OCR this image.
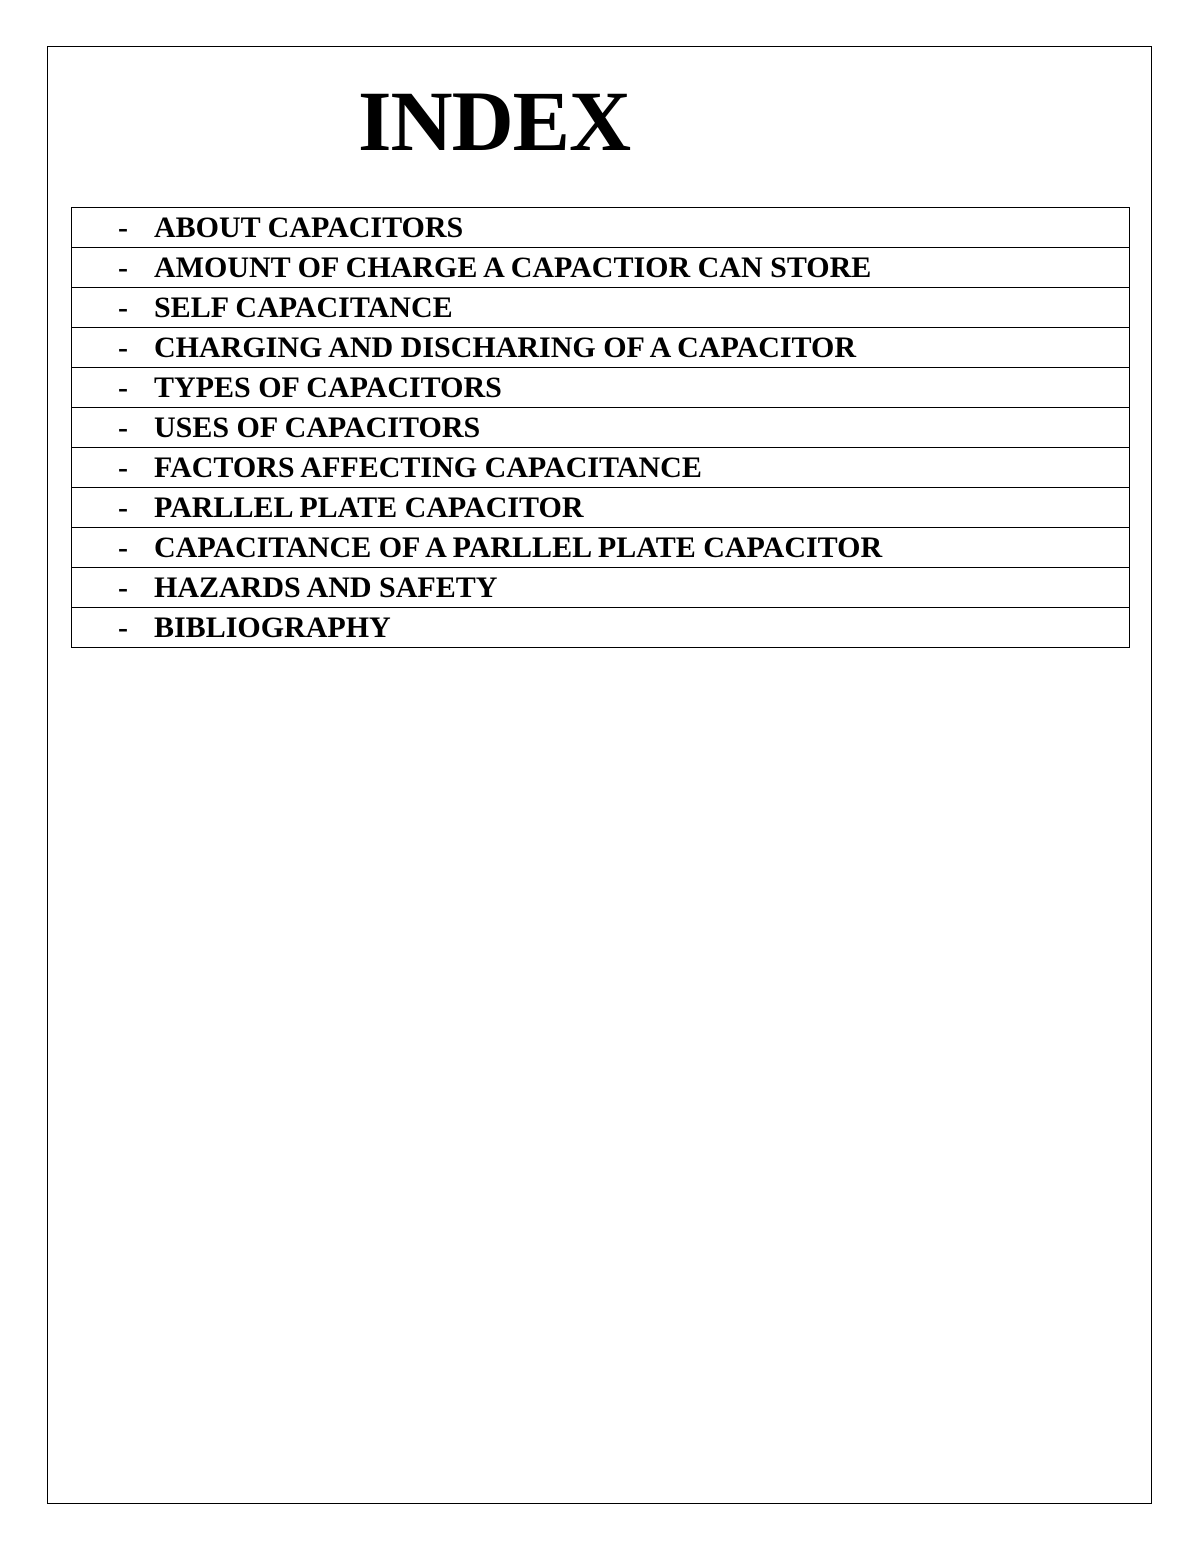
INDEX
- ABOUT CAPACITORS
- AMOUNT OF CHARGE A CAPACTIOR CAN STORE
- SELF CAPACITANCE
- CHARGING AND DISCHARING OF A CAPACITOR
- TYPES OF CAPACITORS
- USES OF CAPACITORS
- FACTORS AFFECTING CAPACITANCE
- PARLLEL PLATE CAPACITOR
- CAPACITANCE OF A PARLLEL PLATE CAPACITOR
- HAZARDS AND SAFETY
- BIBLIOGRAPHY
